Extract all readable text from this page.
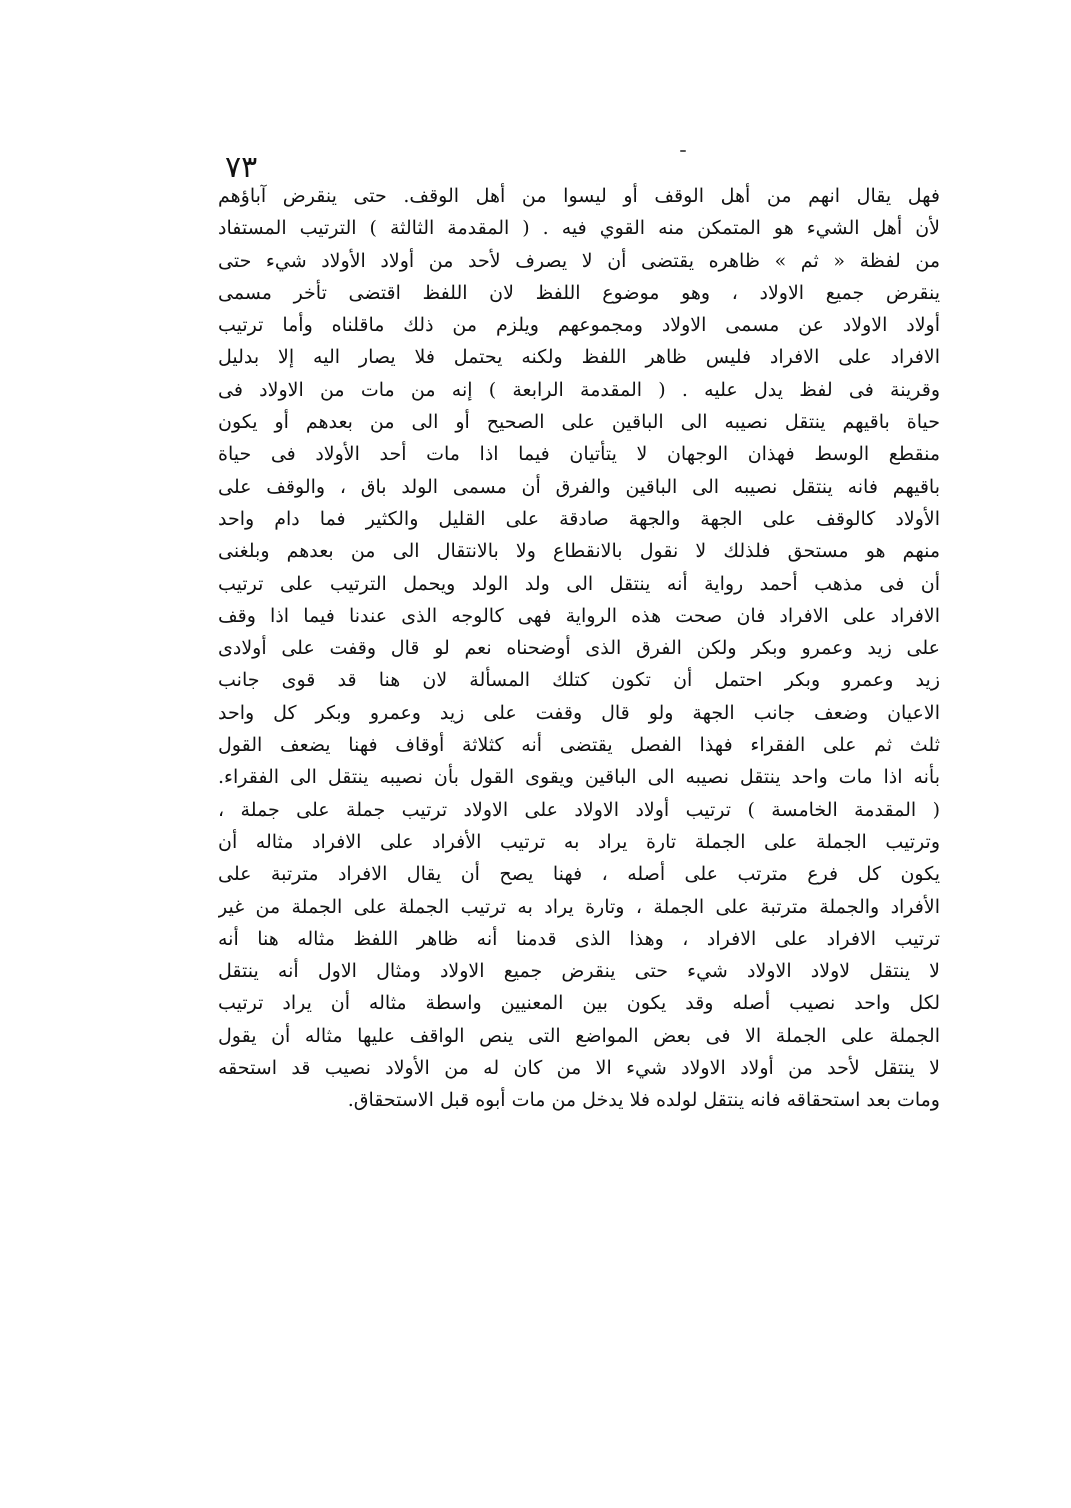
٧٣
فهل يقال انهم من أهل الوقف أو ليسوا من أهل الوقف. حتى ينقرض آباؤهم
لأن أهل الشيء هو المتمكن منه القوي فيه . ( المقدمة الثالثة ) الترتيب المستفاد
من لفظة « ثم » ظاهره يقتضى أن لا يصرف لأحد من أولاد الأولاد شيء حتى
ينقرض جميع الاولاد ، وهو موضوع اللفظ لان اللفظ اقتضى تأخر مسمى
أولاد الاولاد عن مسمى الاولاد ومجموعهم ويلزم من ذلك ماقلناه وأما ترتيب
الافراد على الافراد فليس ظاهر اللفظ ولكنه يحتمل فلا يصار اليه إلا بدليل
وقرينة فى لفظ يدل عليه . ( المقدمة الرابعة ) إنه من مات من الاولاد فى
حياة باقيهم ينتقل نصيبه الى الباقين على الصحيح أو الى من بعدهم أو يكون
منقطع الوسط فهذان الوجهان لا يتأتيان فيما اذا مات أحد الأولاد فى حياة
باقيهم فانه ينتقل نصيبه الى الباقين والفرق أن مسمى الولد باق ، والوقف على
الأولاد كالوقف على الجهة والجهة صادقة على القليل والكثير فما دام واحد
منهم هو مستحق فلذلك لا نقول بالانقطاع ولا بالانتقال الى من بعدهم وبلغنى
أن فى مذهب أحمد رواية أنه ينتقل الى ولد الولد ويحمل الترتيب على ترتيب
الافراد على الافراد فان صحت هذه الرواية فهى كالوجه الذى عندنا فيما اذا وقف
على زيد وعمرو وبكر ولكن الفرق الذى أوضحناه نعم لو قال وقفت على أولادى
زيد وعمرو وبكر احتمل أن تكون كتلك المسألة لان هنا قد قوى جانب
الاعيان وضعف جانب الجهة ولو قال وقفت على زيد وعمرو وبكر كل واحد
ثلث ثم على الفقراء فهذا الفصل يقتضى أنه كثلاثة أوقاف فهنا يضعف القول
بأنه اذا مات واحد ينتقل نصيبه الى الباقين ويقوى القول بأن نصيبه ينتقل الى الفقراء.
( المقدمة الخامسة ) ترتيب أولاد الاولاد على الاولاد ترتيب جملة على جملة ،
وترتيب الجملة على الجملة تارة يراد به ترتيب الأفراد على الافراد مثاله أن
يكون كل فرع مترتب على أصله ، فهنا يصح أن يقال الافراد مترتبة على
الأفراد والجملة مترتبة على الجملة ، وتارة يراد به ترتيب الجملة على الجملة من غير
ترتيب الافراد على الافراد ، وهذا الذى قدمنا أنه ظاهر اللفظ مثاله هنا أنه
لا ينتقل لاولاد الاولاد شيء حتى ينقرض جميع الاولاد ومثال الاول أنه ينتقل
لكل واحد نصيب أصله وقد يكون بين المعنيين واسطة مثاله أن يراد ترتيب
الجملة على الجملة الا فى بعض المواضع التى ينص الواقف عليها مثاله أن يقول
لا ينتقل لأحد من أولاد الاولاد شيء الا من كان له من الأولاد نصيب قد استحقه
ومات بعد استحقاقه فانه ينتقل لولده فلا يدخل من مات أبوه قبل الاستحقاق.
